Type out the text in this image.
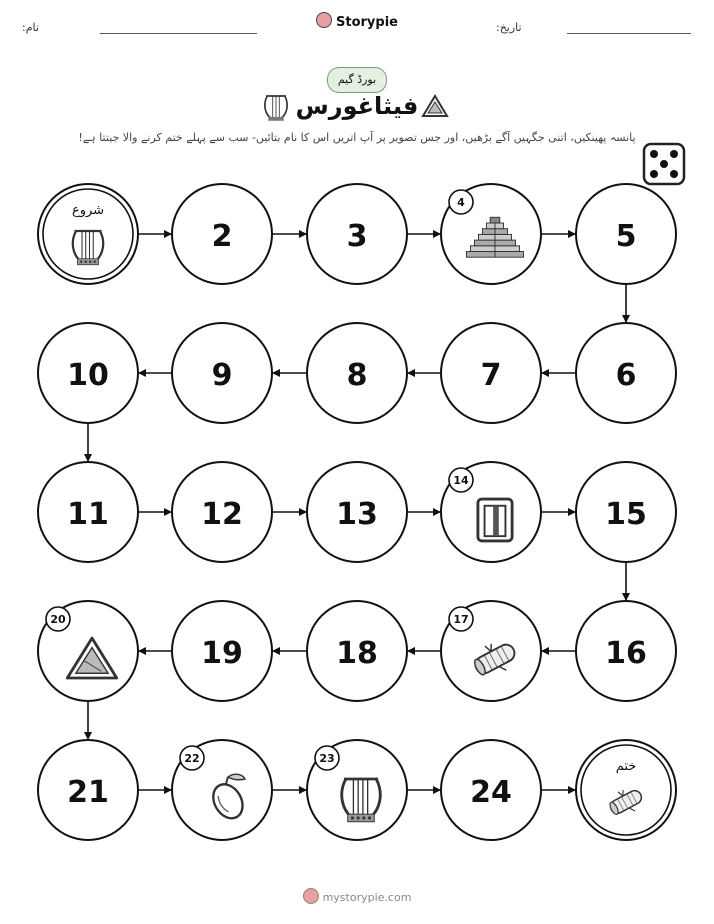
نام:	Storypie	تاریخ:
بورڈ گیم
فیثاغورس
پانسہ پھینکیں، اتنی جگہیں آگے بڑھیں، اور جس تصویر پر آپ اتریں اس کا نام بتائیں- سب سے پہلے ختم کرنے والا جیتتا ہے!
شروع
2	3
4
5
6
7
8
9
10
11	12	13
14
15
16
17
18
19
20
21
22	23
24
ختم
mystorypie.com
